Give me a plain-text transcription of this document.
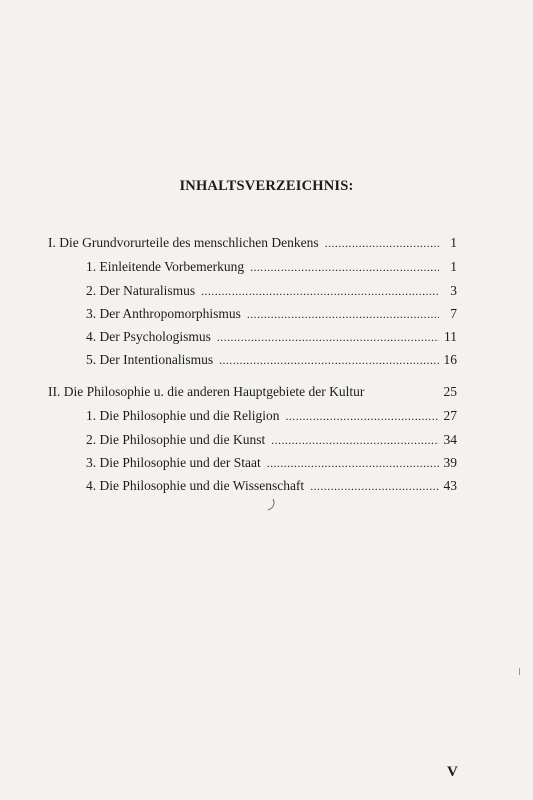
INHALTSVERZEICHNIS:
I. Die Grundvorurteile des menschlichen Denkens . . .	1
1. Einleitende Vorbemerkung . . .	1
2. Der Naturalismus . . .	3
3. Der Anthropomorphismus . . .	7
4. Der Psychologismus . . .	11
5. Der Intentionalismus . . .	16
II. Die Philosophie u. die anderen Hauptgebiete der Kultur	25
1. Die Philosophie und die Religion . . .	27
2. Die Philosophie und die Kunst . . .	34
3. Die Philosophie und der Staat . . .	39
4. Die Philosophie und die Wissenschaft . . .	43
V
